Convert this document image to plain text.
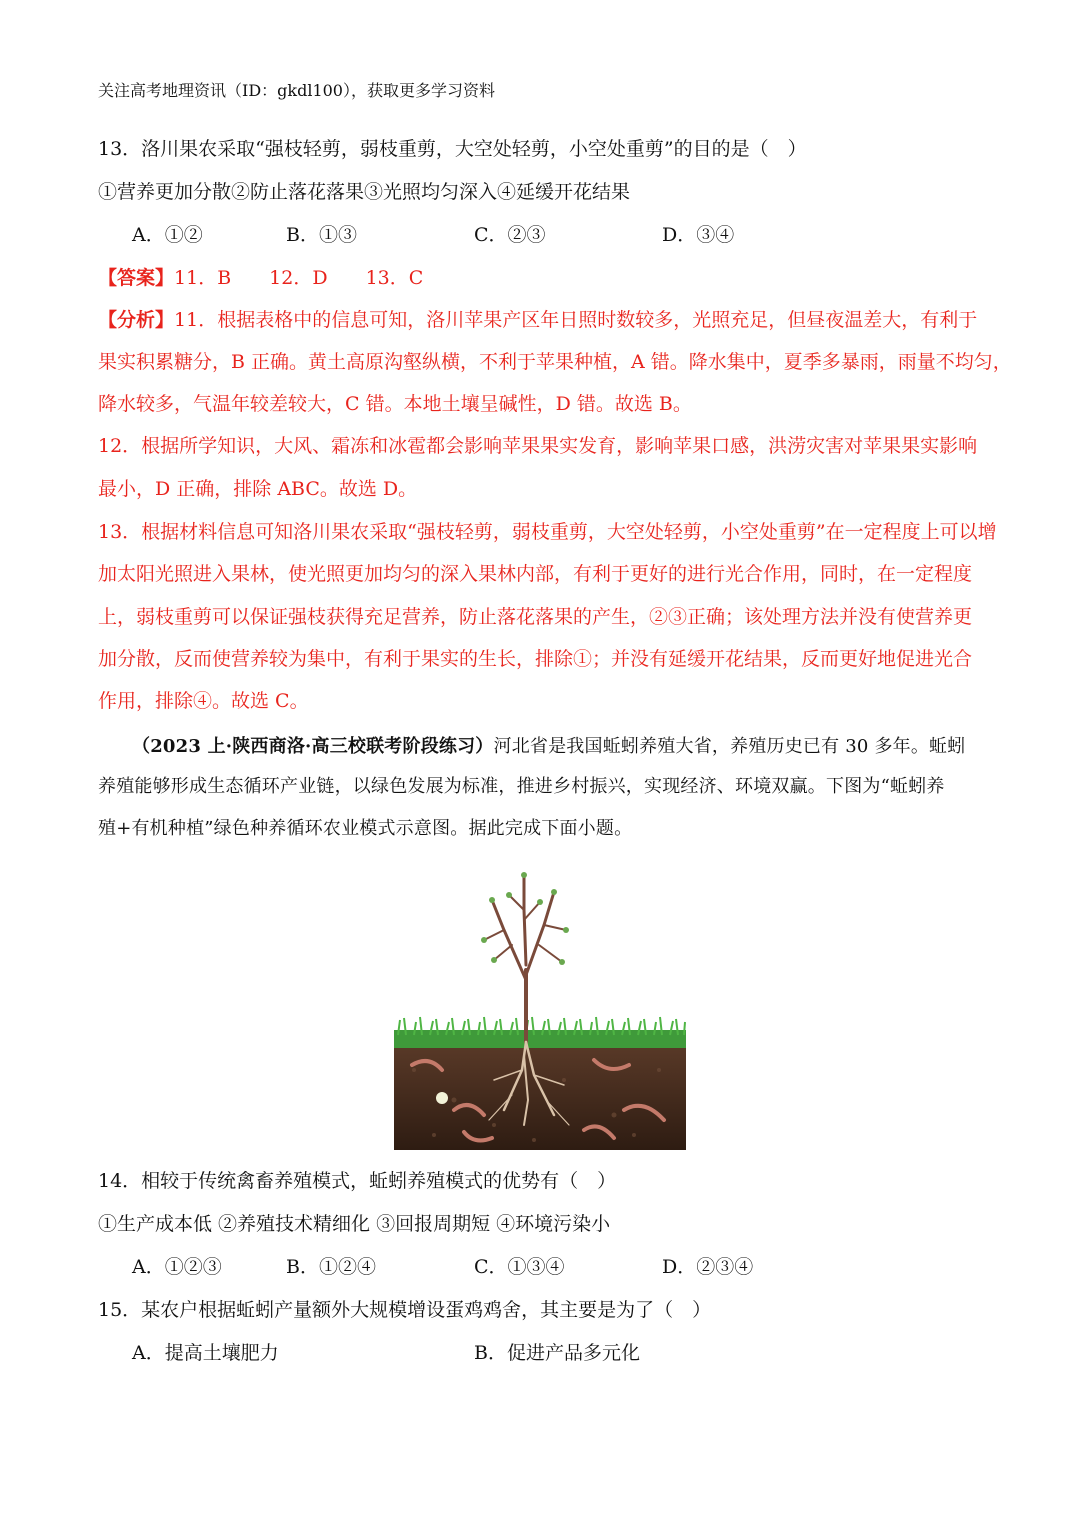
关注高考地理资讯（ID：gkdl100），获取更多学习资料
13．洛川果农采取“强枝轻剪，弱枝重剪，大空处轻剪，小空处重剪”的目的是（　）
①营养更加分散②防止落花落果③光照均匀深入④延缓开花结果
A．①②	B．①③	C．②③	D．③④
【答案】11．B　　12．D　　13．C
【分析】11．根据表格中的信息可知，洛川苹果产区年日照时数较多，光照充足，但昼夜温差大，有利于
果实积累糖分，B 正确。黄土高原沟壑纵横，不利于苹果种植，A 错。降水集中，夏季多暴雨，雨量不均匀，
降水较多，气温年较差较大，C 错。本地土壤呈碱性，D 错。故选 B。
12．根据所学知识，大风、霜冻和冰雹都会影响苹果果实发育，影响苹果口感，洪涝灾害对苹果果实影响
最小，D 正确，排除 ABC。故选 D。
13．根据材料信息可知洛川果农采取“强枝轻剪，弱枝重剪，大空处轻剪，小空处重剪”在一定程度上可以增
加太阳光照进入果林，使光照更加均匀的深入果林内部，有利于更好的进行光合作用，同时，在一定程度
上，弱枝重剪可以保证强枝获得充足营养，防止落花落果的产生，②③正确；该处理方法并没有使营养更
加分散，反而使营养较为集中，有利于果实的生长，排除①；并没有延缓开花结果，反而更好地促进光合
作用，排除④。故选 C。
（2023 上·陕西商洛·高三校联考阶段练习）河北省是我国蚯蚓养殖大省，养殖历史已有 30 多年。蚯蚓
养殖能够形成生态循环产业链，以绿色发展为标准，推进乡村振兴，实现经济、环境双赢。下图为“蚯蚓养
殖+有机种植”绿色种养循环农业模式示意图。据此完成下面小题。
14．相较于传统禽畜养殖模式，蚯蚓养殖模式的优势有（　）
①生产成本低 ②养殖技术精细化 ③回报周期短 ④环境污染小
A．①②③	B．①②④	C．①③④	D．②③④
15．某农户根据蚯蚓产量额外大规模增设蛋鸡鸡舍，其主要是为了（　）
A．提高土壤肥力	B．促进产品多元化
